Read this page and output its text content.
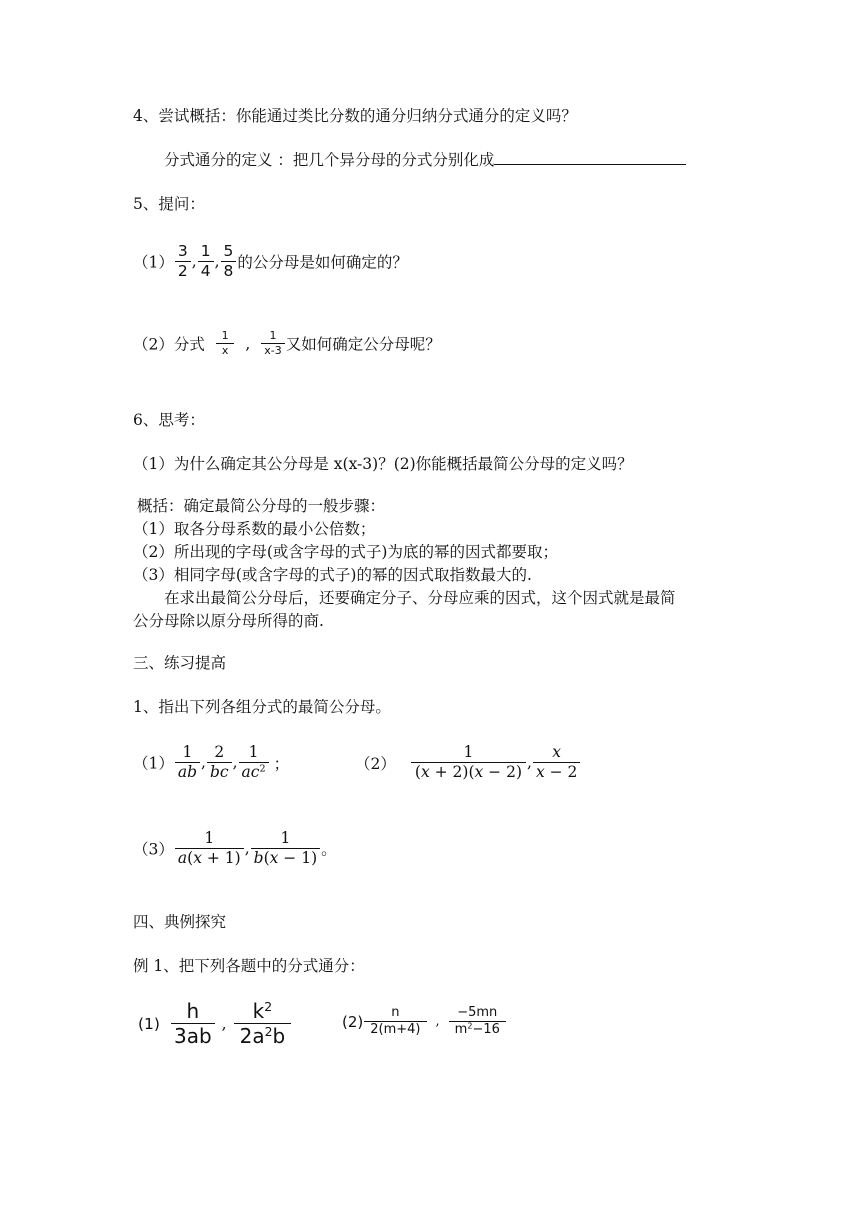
4、尝试概括：你能通过类比分数的通分归纳分式通分的定义吗？
分式通分的定义 ：把几个异分母的分式分别化成
5、提问：
$(1) \frac{3}{2}$ , $\frac{1}{4}$ , $\frac{5}{8}$ 的公分母是如何确定的？
（2）分式 $\frac{1}{x}$ , $\frac{1}{x-3}$ 又如何确定公分母呢？
6、思考：
（1）为什么确定其公分母是 x(x-3)？(2)你能概括最简公分母的定义吗？
概括：确定最简公分母的一般步骤：
（1）取各分母系数的最小公倍数；
（2）所出现的字母(或含字母的式子)为底的幂的因式都要取；
（3）相同字母(或含字母的式子)的幂的因式取指数最大的.
在求出最简公分母后，还要确定分子、分母应乘的因式，这个因式就是最简
公分母除以原分母所得的商.
三、练习提高
1、指出下列各组分式的最简公分母。
$(1) \frac{1}{ab}$ , $\frac{2}{bc}$ , $\frac{1}{ac^2}$ ；	$(2) \frac{1}{(x + 2)(x - 2)}$ , $\frac{x}{x - 2}$
$(3) \frac{1}{a(x + 1)}$ , $\frac{1}{b(x - 1)}$ 。
四、典例探究
例 1、把下列各题中的分式通分：
$(1) \frac{h}{3ab}$ , $\frac{k^2}{2a^2b}$	$(2) \frac{n}{2(m+4)}$ , $\frac{-5mn}{m^2-16}$
